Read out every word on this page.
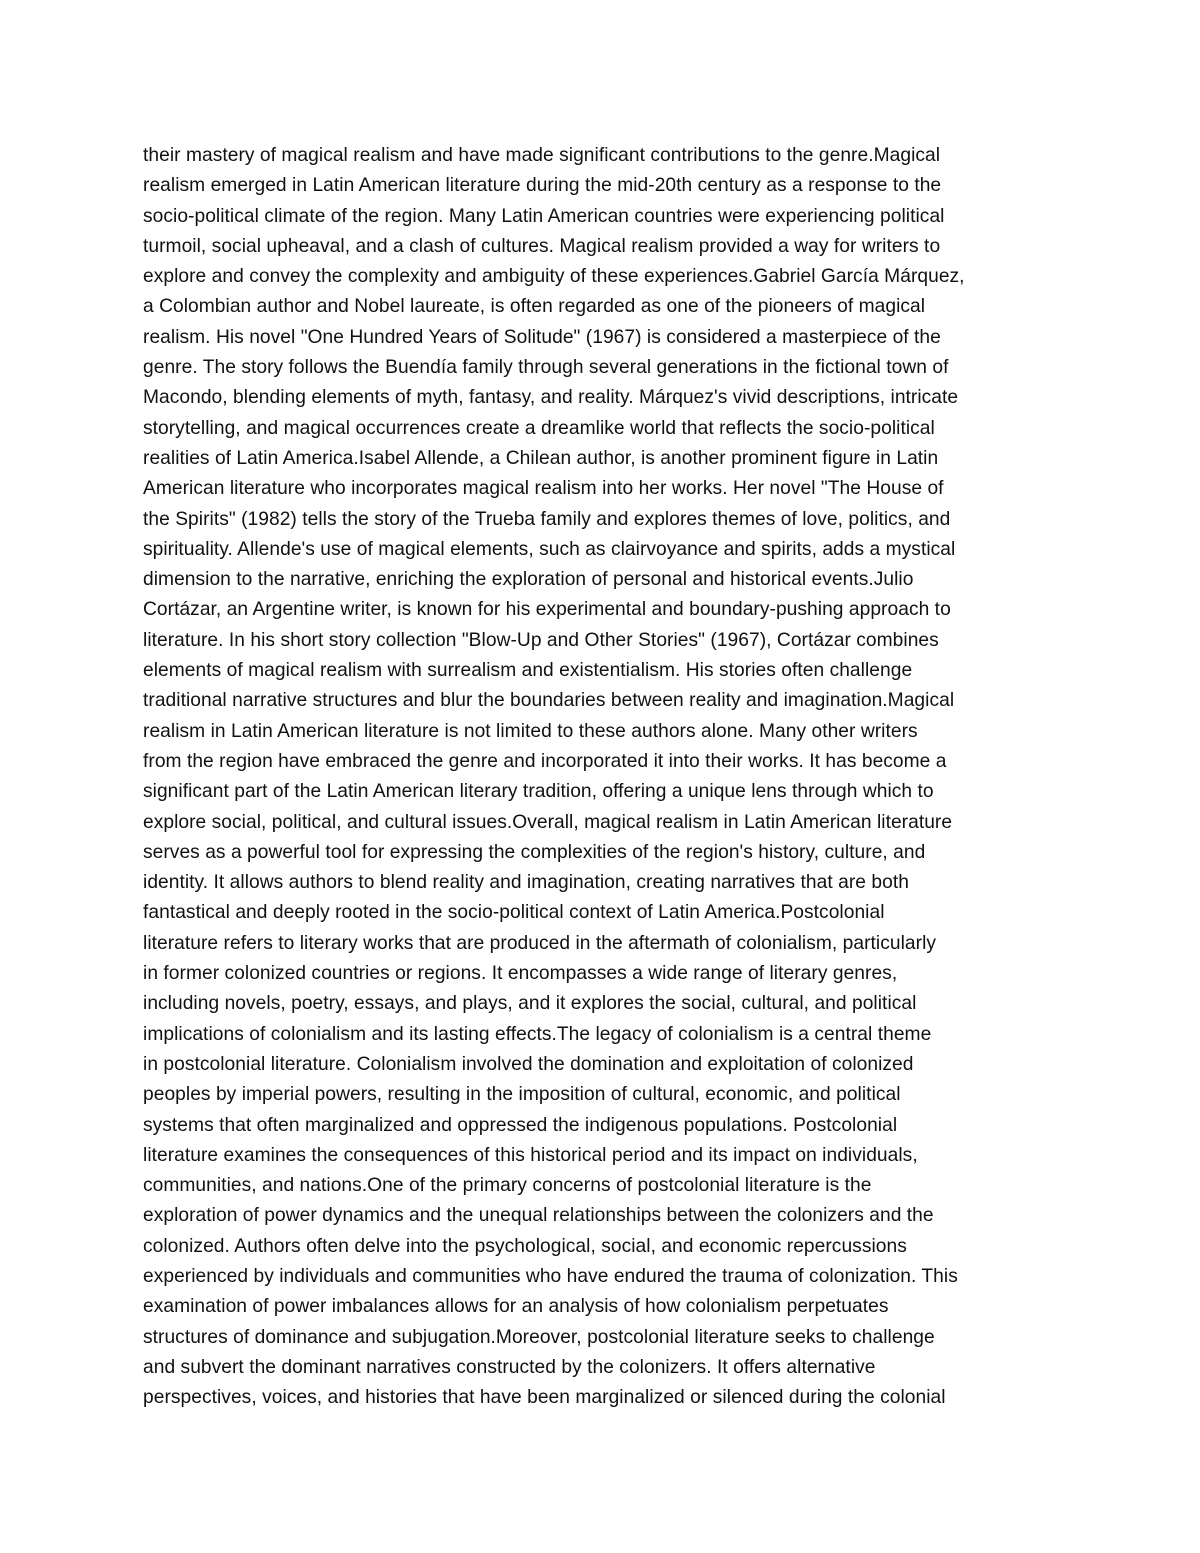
their mastery of magical realism and have made significant contributions to the genre.Magical
realism emerged in Latin American literature during the mid-20th century as a response to the
socio-political climate of the region. Many Latin American countries were experiencing political
turmoil, social upheaval, and a clash of cultures. Magical realism provided a way for writers to
explore and convey the complexity and ambiguity of these experiences.Gabriel García Márquez,
a Colombian author and Nobel laureate, is often regarded as one of the pioneers of magical
realism. His novel "One Hundred Years of Solitude" (1967) is considered a masterpiece of the
genre. The story follows the Buendía family through several generations in the fictional town of
Macondo, blending elements of myth, fantasy, and reality. Márquez's vivid descriptions, intricate
storytelling, and magical occurrences create a dreamlike world that reflects the socio-political
realities of Latin America.Isabel Allende, a Chilean author, is another prominent figure in Latin
American literature who incorporates magical realism into her works. Her novel "The House of
the Spirits" (1982) tells the story of the Trueba family and explores themes of love, politics, and
spirituality. Allende's use of magical elements, such as clairvoyance and spirits, adds a mystical
dimension to the narrative, enriching the exploration of personal and historical events.Julio
Cortázar, an Argentine writer, is known for his experimental and boundary-pushing approach to
literature. In his short story collection "Blow-Up and Other Stories" (1967), Cortázar combines
elements of magical realism with surrealism and existentialism. His stories often challenge
traditional narrative structures and blur the boundaries between reality and imagination.Magical
realism in Latin American literature is not limited to these authors alone. Many other writers
from the region have embraced the genre and incorporated it into their works. It has become a
significant part of the Latin American literary tradition, offering a unique lens through which to
explore social, political, and cultural issues.Overall, magical realism in Latin American literature
serves as a powerful tool for expressing the complexities of the region's history, culture, and
identity. It allows authors to blend reality and imagination, creating narratives that are both
fantastical and deeply rooted in the socio-political context of Latin America.Postcolonial
literature refers to literary works that are produced in the aftermath of colonialism, particularly
in former colonized countries or regions. It encompasses a wide range of literary genres,
including novels, poetry, essays, and plays, and it explores the social, cultural, and political
implications of colonialism and its lasting effects.The legacy of colonialism is a central theme
in postcolonial literature. Colonialism involved the domination and exploitation of colonized
peoples by imperial powers, resulting in the imposition of cultural, economic, and political
systems that often marginalized and oppressed the indigenous populations. Postcolonial
literature examines the consequences of this historical period and its impact on individuals,
communities, and nations.One of the primary concerns of postcolonial literature is the
exploration of power dynamics and the unequal relationships between the colonizers and the
colonized. Authors often delve into the psychological, social, and economic repercussions
experienced by individuals and communities who have endured the trauma of colonization. This
examination of power imbalances allows for an analysis of how colonialism perpetuates
structures of dominance and subjugation.Moreover, postcolonial literature seeks to challenge
and subvert the dominant narratives constructed by the colonizers. It offers alternative
perspectives, voices, and histories that have been marginalized or silenced during the colonial
